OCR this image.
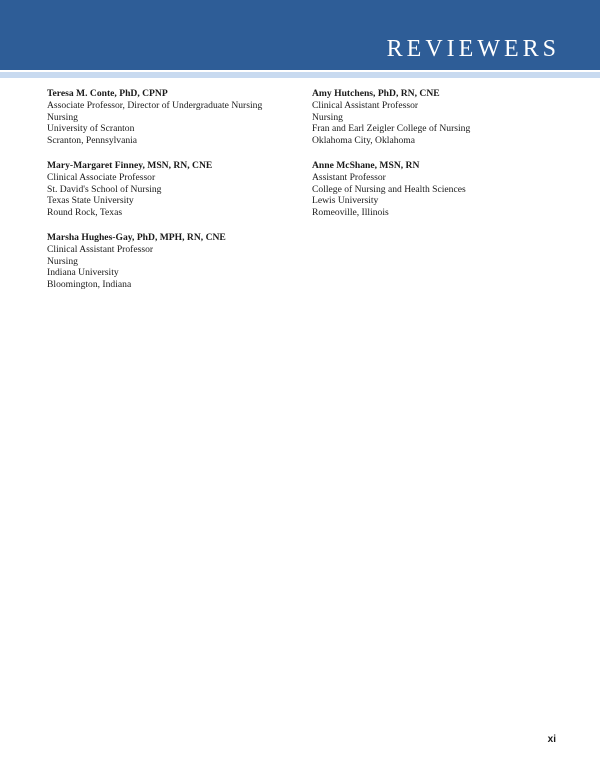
REVIEWERS
Teresa M. Conte, PhD, CPNP
Associate Professor, Director of Undergraduate Nursing
Nursing
University of Scranton
Scranton, Pennsylvania
Mary-Margaret Finney, MSN, RN, CNE
Clinical Associate Professor
St. David's School of Nursing
Texas State University
Round Rock, Texas
Marsha Hughes-Gay, PhD, MPH, RN, CNE
Clinical Assistant Professor
Nursing
Indiana University
Bloomington, Indiana
Amy Hutchens, PhD, RN, CNE
Clinical Assistant Professor
Nursing
Fran and Earl Zeigler College of Nursing
Oklahoma City, Oklahoma
Anne McShane, MSN, RN
Assistant Professor
College of Nursing and Health Sciences
Lewis University
Romeoville, Illinois
xi
